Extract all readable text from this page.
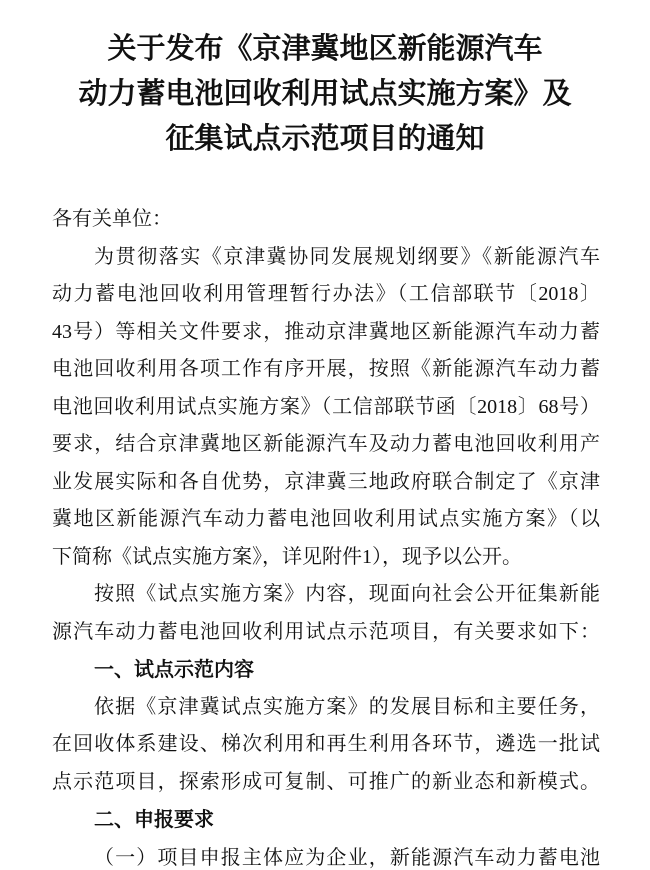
关于发布《京津冀地区新能源汽车
动力蓄电池回收利用试点实施方案》及
征集试点示范项目的通知
各有关单位：
为贯彻落实《京津冀协同发展规划纲要》《新能源汽车
动力蓄电池回收利用管理暂行办法》（工信部联节〔2018〕
43号）等相关文件要求，推动京津冀地区新能源汽车动力蓄
电池回收利用各项工作有序开展，按照《新能源汽车动力蓄
电池回收利用试点实施方案》（工信部联节函〔2018〕68号）
要求，结合京津冀地区新能源汽车及动力蓄电池回收利用产
业发展实际和各自优势，京津冀三地政府联合制定了《京津
冀地区新能源汽车动力蓄电池回收利用试点实施方案》（以
下简称《试点实施方案》，详见附件1），现予以公开。
按照《试点实施方案》内容，现面向社会公开征集新能
源汽车动力蓄电池回收利用试点示范项目，有关要求如下：
一、试点示范内容
依据《京津冀试点实施方案》的发展目标和主要任务，
在回收体系建设、梯次利用和再生利用各环节，遴选一批试
点示范项目，探索形成可复制、可推广的新业态和新模式。
二、申报要求
（一）项目申报主体应为企业，新能源汽车动力蓄电池
